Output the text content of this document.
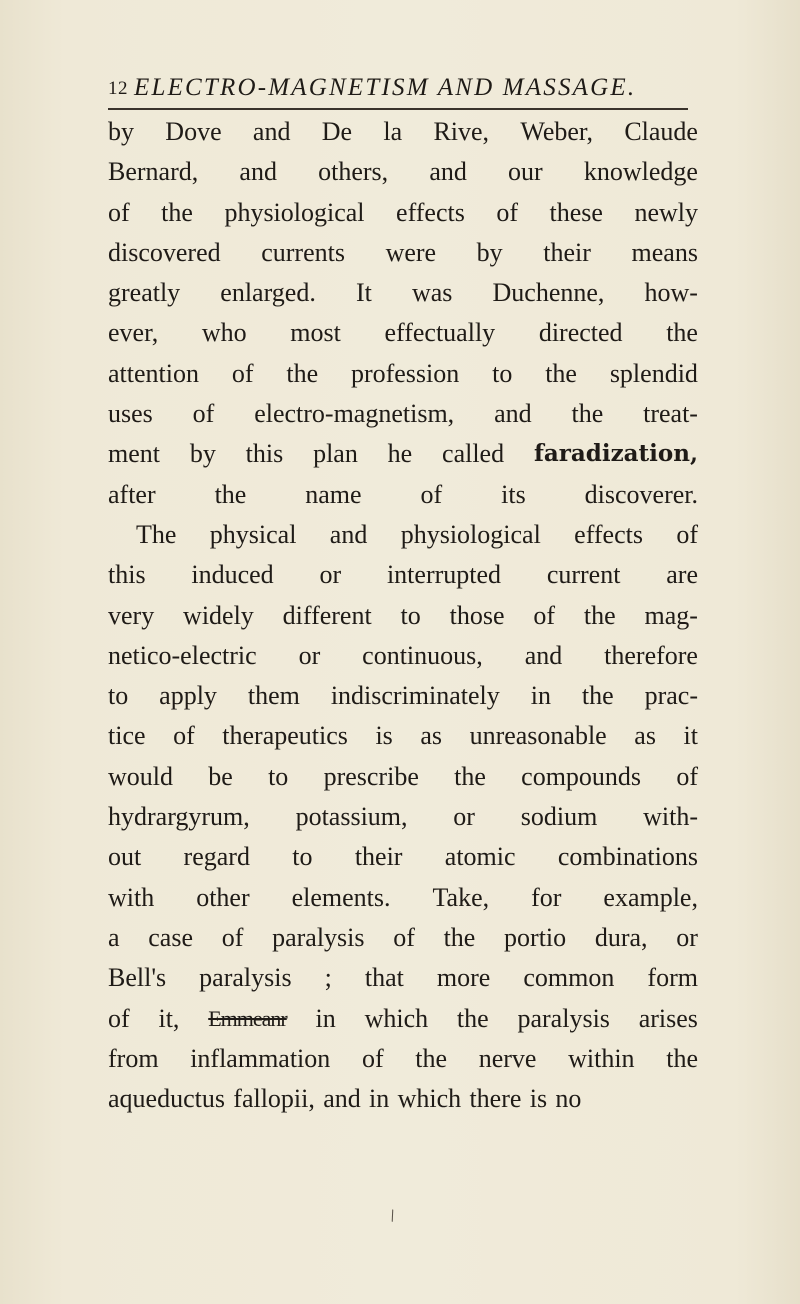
12 ELECTRO-MAGNETISM AND MASSAGE.
by Dove and De la Rive, Weber, Claude
Bernard, and others, and our knowledge
of the physiological effects of these newly
discovered currents were by their means
greatly enlarged. It was Duchenne, how-
ever, who most effectually directed the
attention of the profession to the splendid
uses of electro-magnetism, and the treat-
ment by this plan he called faradization,
after the name of its discoverer.
The physical and physiological effects of
this induced or interrupted current are
very widely different to those of the mag-
netico-electric or continuous, and therefore
to apply them indiscriminately in the prac-
tice of therapeutics is as unreasonable as it
would be to prescribe the compounds of
hydrargyrum, potassium, or sodium with-
out regard to their atomic combinations
with other elements. Take, for example,
a case of paralysis of the portio dura, or
Bell's paralysis ; that more common form
of it, Emmeanr in which the paralysis arises
from inflammation of the nerve within the
aqueductus fallopii, and in which there is no
\
